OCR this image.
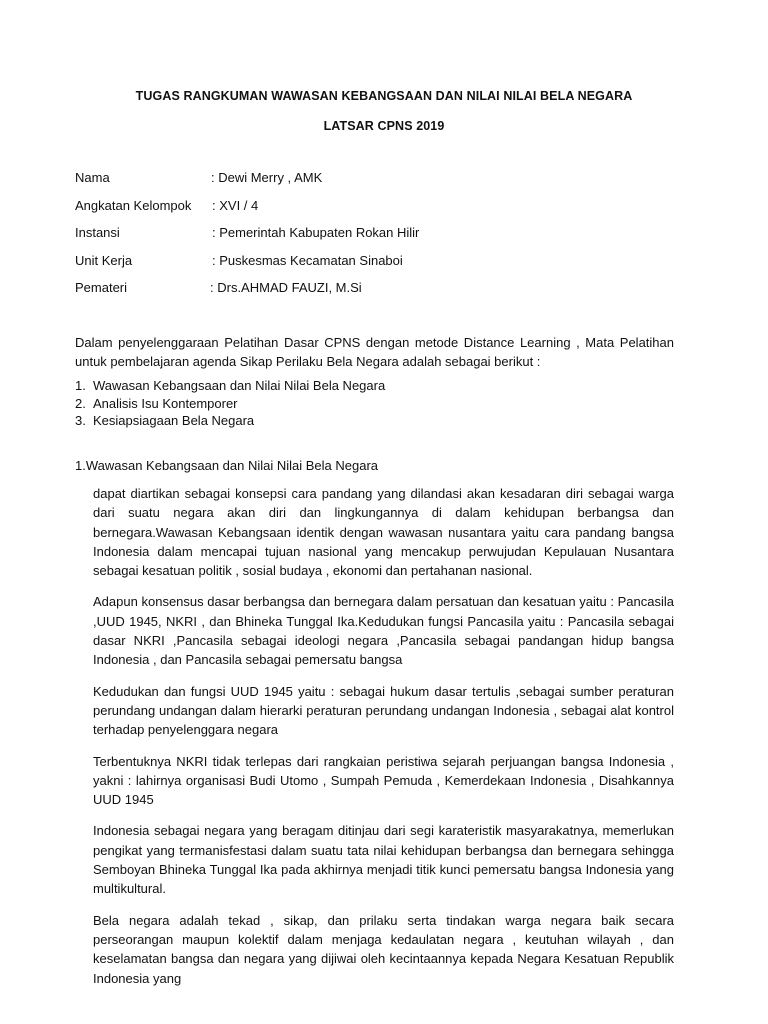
TUGAS RANGKUMAN WAWASAN KEBANGSAAN DAN NILAI NILAI BELA NEGARA
LATSAR CPNS 2019
Nama	: Dewi Merry , AMK
Angkatan Kelompok : XVI / 4
Instansi	: Pemerintah Kabupaten Rokan Hilir
Unit Kerja	: Puskesmas Kecamatan Sinaboi
Pemateri	: Drs.AHMAD FAUZI, M.Si
Dalam penyelenggaraan Pelatihan Dasar CPNS dengan metode Distance Learning , Mata Pelatihan untuk pembelajaran agenda Sikap Perilaku Bela Negara adalah sebagai berikut :
1. Wawasan Kebangsaan dan Nilai Nilai Bela Negara
2. Analisis Isu Kontemporer
3. Kesiapsiagaan Bela Negara
1.Wawasan Kebangsaan dan Nilai Nilai Bela Negara

dapat diartikan sebagai konsepsi cara pandang yang dilandasi akan kesadaran diri sebagai warga dari suatu negara akan diri dan lingkungannya di dalam kehidupan berbangsa dan bernegara.Wawasan Kebangsaan identik dengan wawasan nusantara yaitu cara pandang bangsa Indonesia dalam mencapai tujuan nasional yang mencakup perwujudan Kepulauan Nusantara sebagai kesatuan politik , sosial budaya , ekonomi dan pertahanan nasional.

Adapun konsensus dasar berbangsa dan bernegara dalam persatuan dan kesatuan yaitu : Pancasila ,UUD 1945, NKRI , dan Bhineka Tunggal Ika.Kedudukan fungsi Pancasila yaitu : Pancasila sebagai dasar NKRI ,Pancasila sebagai ideologi negara ,Pancasila sebagai pandangan hidup bangsa Indonesia , dan Pancasila sebagai pemersatu bangsa

Kedudukan dan fungsi UUD 1945 yaitu : sebagai hukum dasar tertulis ,sebagai sumber peraturan perundang undangan dalam hierarki peraturan perundang undangan Indonesia , sebagai alat kontrol terhadap penyelenggara negara

Terbentuknya NKRI tidak terlepas dari rangkaian peristiwa sejarah perjuangan bangsa Indonesia , yakni : lahirnya organisasi Budi Utomo , Sumpah Pemuda , Kemerdekaan Indonesia , Disahkannya UUD 1945

Indonesia sebagai negara yang beragam ditinjau dari segi karateristik masyarakatnya, memerlukan pengikat yang termanisfestasi dalam suatu tata nilai kehidupan berbangsa dan bernegara sehingga Semboyan Bhineka Tunggal Ika pada akhirnya menjadi titik kunci pemersatu bangsa Indonesia yang multikultural.

Bela negara adalah tekad , sikap, dan prilaku serta tindakan warga negara baik secara perseorangan maupun kolektif dalam menjaga kedaulatan negara , keutuhan wilayah , dan keselamatan bangsa dan negara yang dijiwai oleh kecintaannya kepada Negara Kesatuan Republik Indonesia yang
